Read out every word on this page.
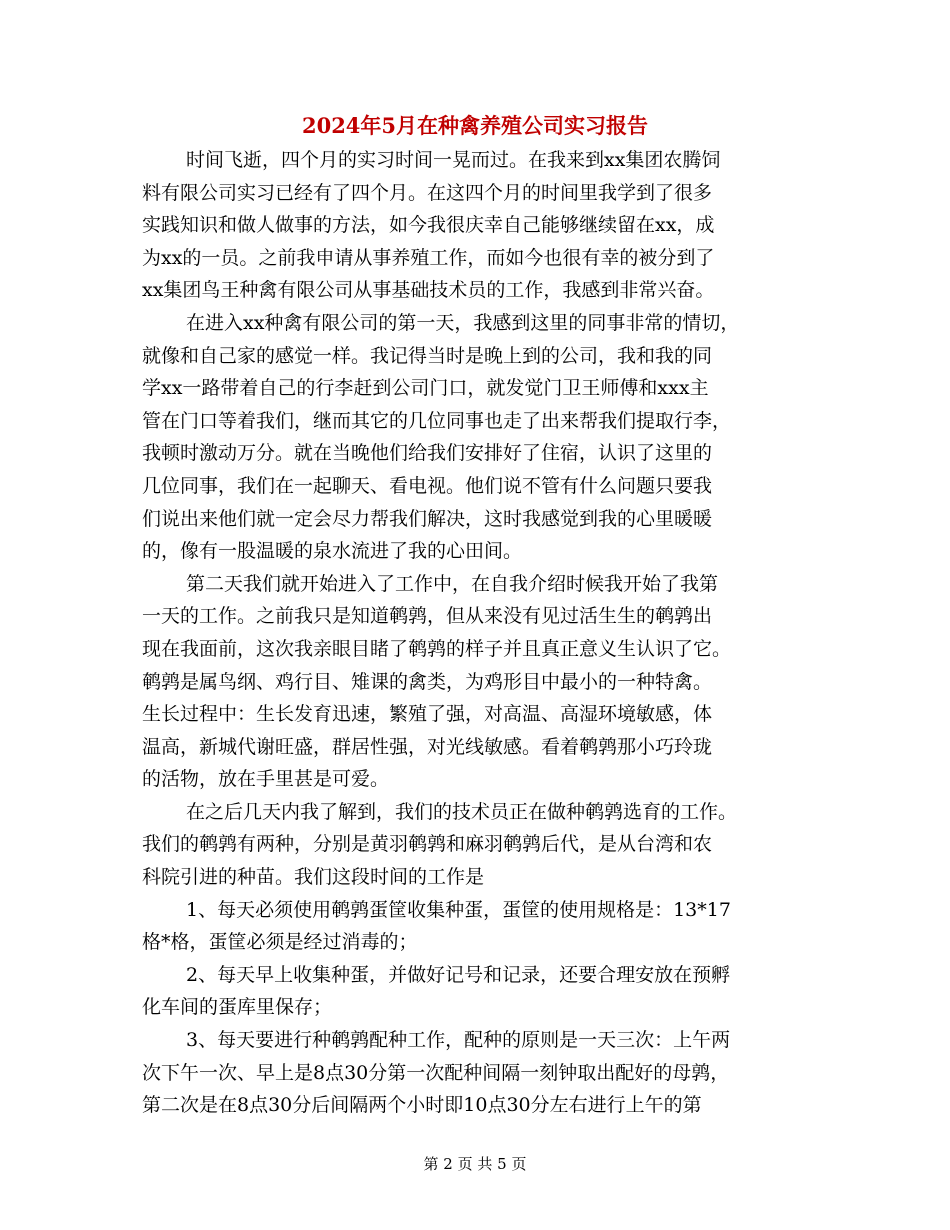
2024年5月在种禽养殖公司实习报告
时间飞逝，四个月的实习时间一晃而过。在我来到xx集团农腾饲
料有限公司实习已经有了四个月。在这四个月的时间里我学到了很多
实践知识和做人做事的方法，如今我很庆幸自己能够继续留在xx，成
为xx的一员。之前我申请从事养殖工作，而如今也很有幸的被分到了
xx集团鸟王种禽有限公司从事基础技术员的工作，我感到非常兴奋。
在进入xx种禽有限公司的第一天，我感到这里的同事非常的情切，
就像和自己家的感觉一样。我记得当时是晚上到的公司，我和我的同
学xx一路带着自己的行李赶到公司门口，就发觉门卫王师傅和xxx主
管在门口等着我们，继而其它的几位同事也走了出来帮我们提取行李，
我顿时激动万分。就在当晚他们给我们安排好了住宿，认识了这里的
几位同事，我们在一起聊天、看电视。他们说不管有什么问题只要我
们说出来他们就一定会尽力帮我们解决，这时我感觉到我的心里暖暖
的，像有一股温暖的泉水流进了我的心田间。
第二天我们就开始进入了工作中，在自我介绍时候我开始了我第
一天的工作。之前我只是知道鹌鹑，但从来没有见过活生生的鹌鹑出
现在我面前，这次我亲眼目睹了鹌鹑的样子并且真正意义生认识了它。
鹌鹑是属鸟纲、鸡行目、雉课的禽类，为鸡形目中最小的一种特禽。
生长过程中：生长发育迅速，繁殖了强，对高温、高湿环境敏感，体
温高，新城代谢旺盛，群居性强，对光线敏感。看着鹌鹑那小巧玲珑
的活物，放在手里甚是可爱。
在之后几天内我了解到，我们的技术员正在做种鹌鹑选育的工作。
我们的鹌鹑有两种，分别是黄羽鹌鹑和麻羽鹌鹑后代，是从台湾和农
科院引进的种苗。我们这段时间的工作是
1、每天必须使用鹌鹑蛋筐收集种蛋，蛋筐的使用规格是：13*17
格*格，蛋筐必须是经过消毒的；
2、每天早上收集种蛋，并做好记号和记录，还要合理安放在预孵
化车间的蛋库里保存；
3、每天要进行种鹌鹑配种工作，配种的原则是一天三次：上午两
次下午一次、早上是8点30分第一次配种间隔一刻钟取出配好的母鹑，
第二次是在8点30分后间隔两个小时即10点30分左右进行上午的第
第 2 页 共 5 页
